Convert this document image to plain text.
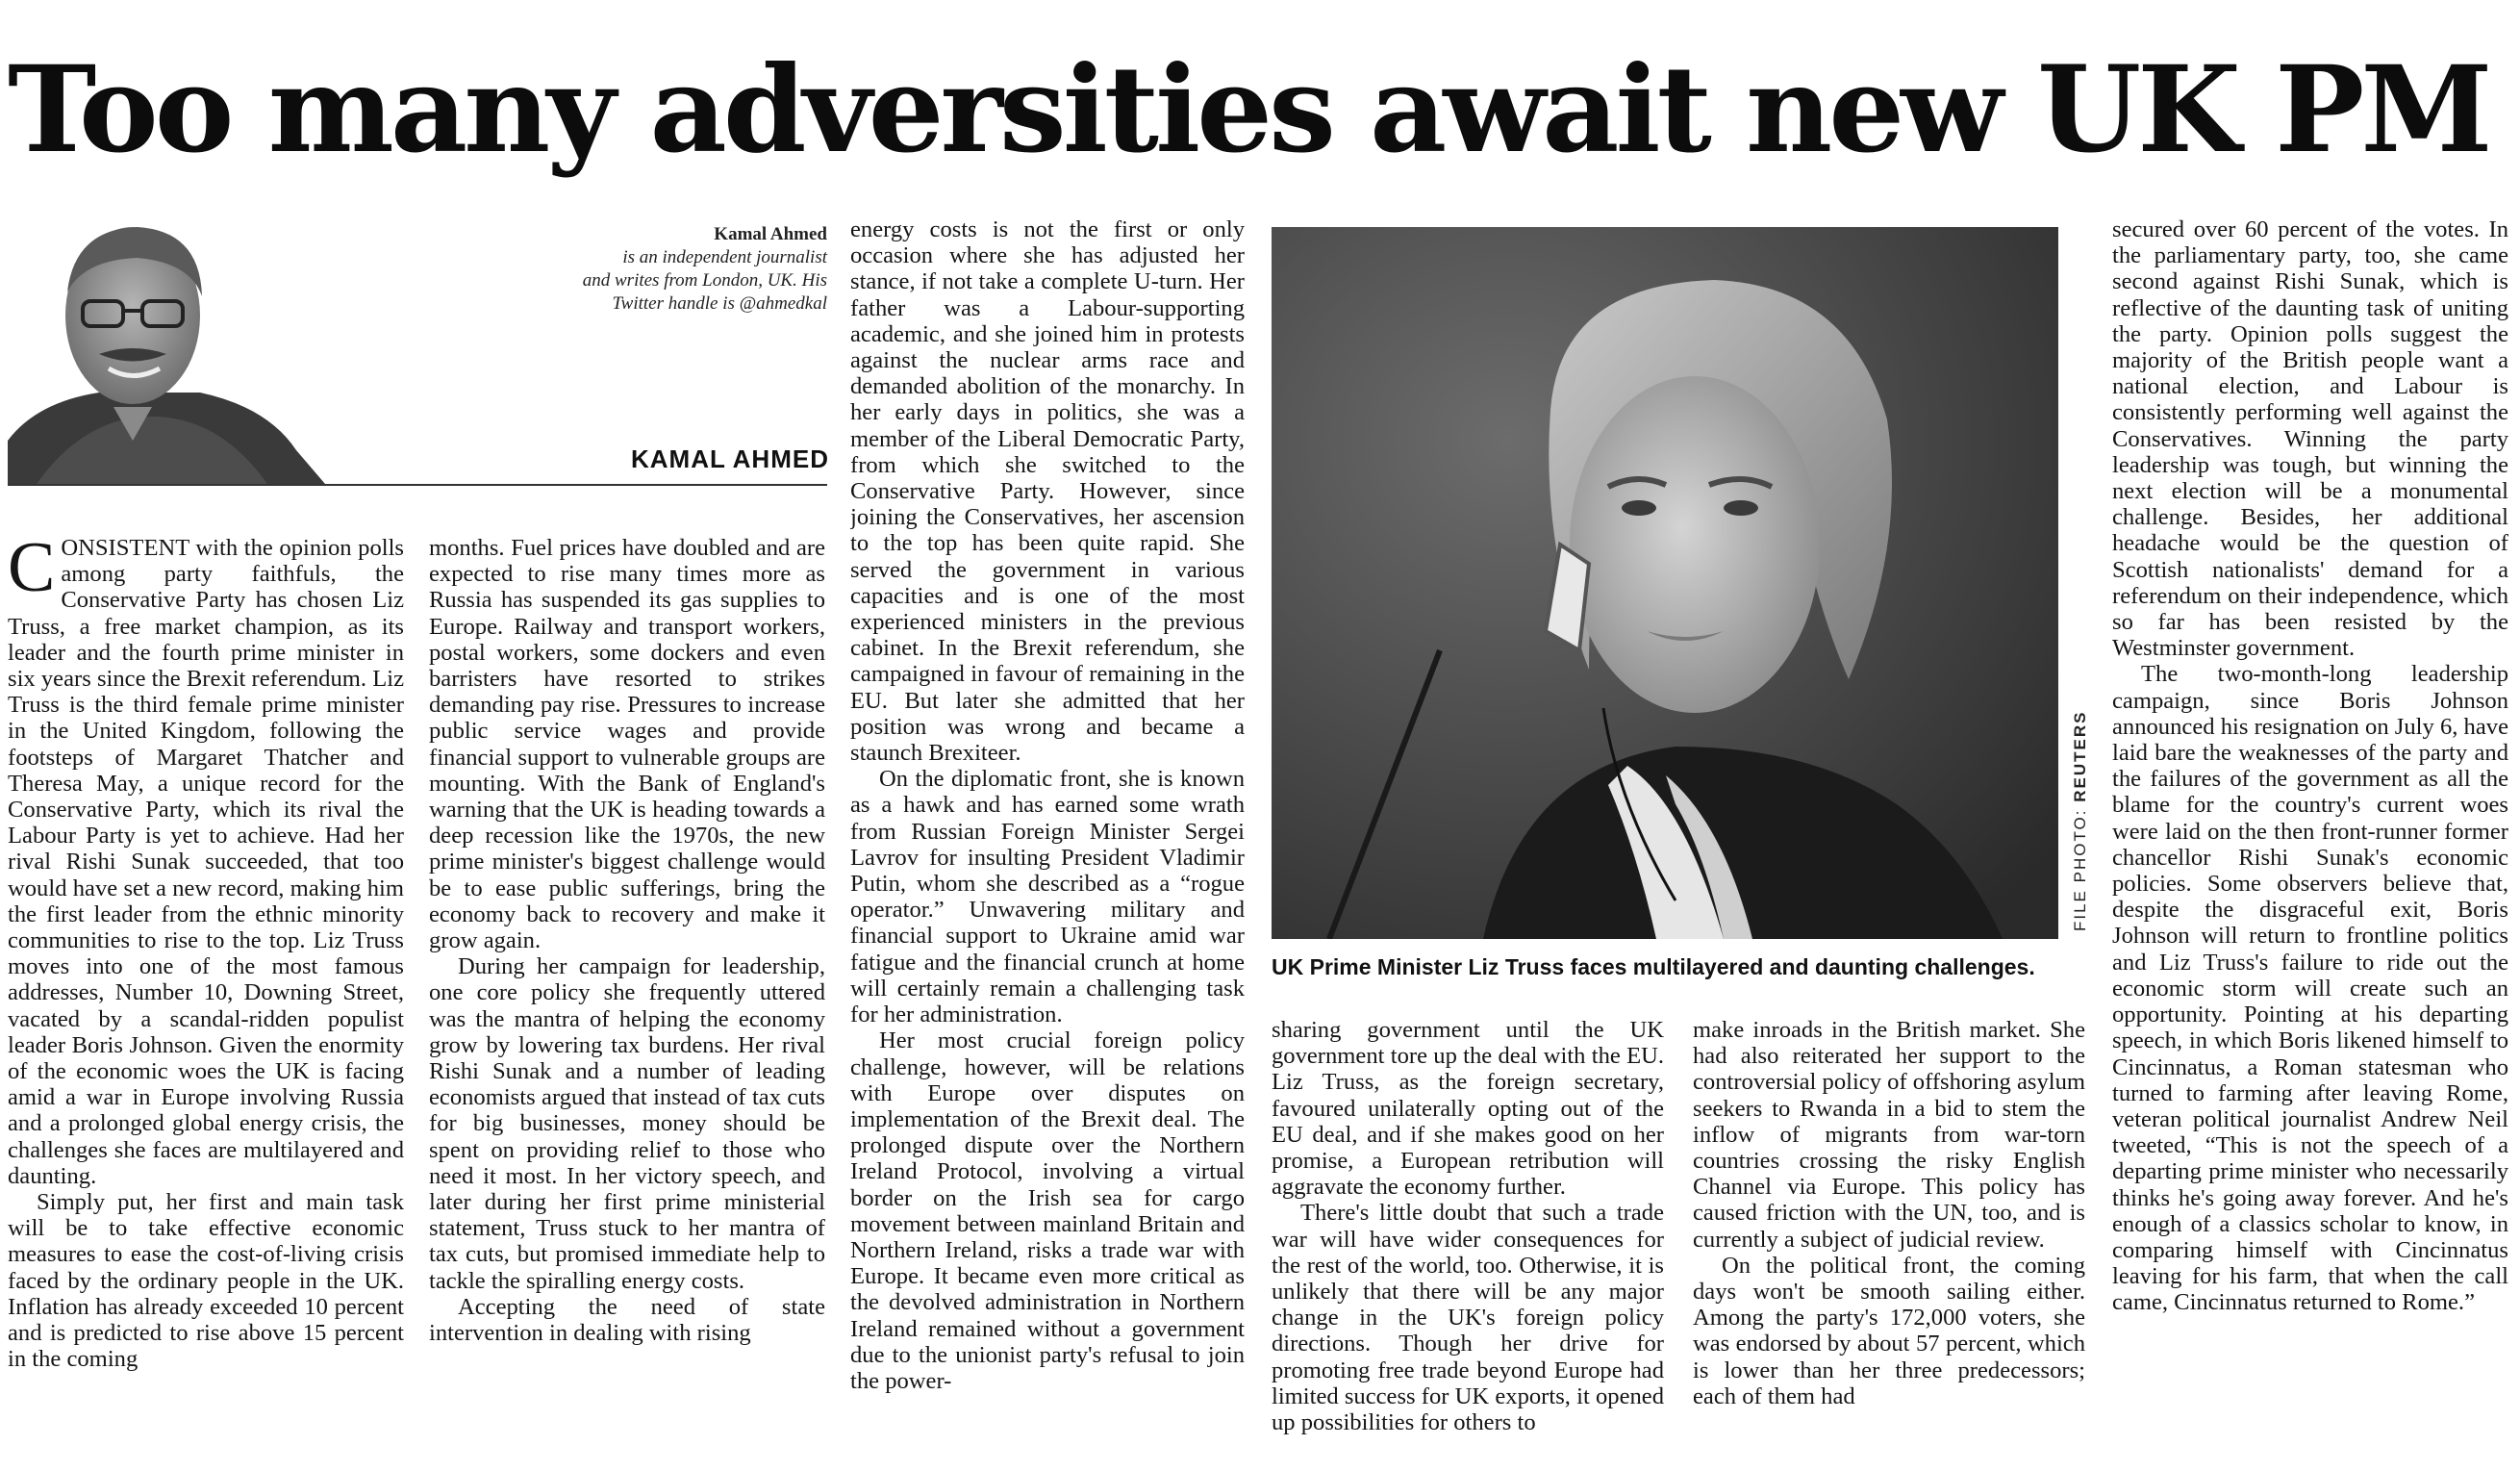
Too many adversities await new UK PM
Kamal Ahmed
is an independent journalist
and writes from London, UK. His
Twitter handle is @ahmedkal
KAMAL AHMED

CONSISTENT with the opinion polls among party faithfuls, the Conservative Party has chosen Liz Truss, a free market champion, as its leader and the fourth prime minister in six years since the Brexit referendum. Liz Truss is the third female prime minister in the United Kingdom, following the footsteps of Margaret Thatcher and Theresa May, a unique record for the Conservative Party, which its rival the Labour Party is yet to achieve. Had her rival Rishi Sunak succeeded, that too would have set a new record, making him the first leader from the ethnic minority communities to rise to the top. Liz Truss moves into one of the most famous addresses, Number 10, Downing Street, vacated by a scandal-ridden populist leader Boris Johnson. Given the enormity of the economic woes the UK is facing amid a war in Europe involving Russia and a prolonged global energy crisis, the challenges she faces are multilayered and daunting.

Simply put, her first and main task will be to take effective economic measures to ease the cost-of-living crisis faced by the ordinary people in the UK. Inflation has already exceeded 10 percent and is predicted to rise above 15 percent in the coming

months. Fuel prices have doubled and are expected to rise many times more as Russia has suspended its gas supplies to Europe. Railway and transport workers, postal workers, some dockers and even barristers have resorted to strikes demanding pay rise. Pressures to increase public service wages and provide financial support to vulnerable groups are mounting. With the Bank of England's warning that the UK is heading towards a deep recession like the 1970s, the new prime minister's biggest challenge would be to ease public sufferings, bring the economy back to recovery and make it grow again.

During her campaign for leadership, one core policy she frequently uttered was the mantra of helping the economy grow by lowering tax burdens. Her rival Rishi Sunak and a number of leading economists argued that instead of tax cuts for big businesses, money should be spent on providing relief to those who need it most. In her victory speech, and later during her first prime ministerial statement, Truss stuck to her mantra of tax cuts, but promised immediate help to tackle the spiralling energy costs.

Accepting the need of state intervention in dealing with rising

energy costs is not the first or only occasion where she has adjusted her stance, if not take a complete U-turn. Her father was a Labour-supporting academic, and she joined him in protests against the nuclear arms race and demanded abolition of the monarchy. In her early days in politics, she was a member of the Liberal Democratic Party, from which she switched to the Conservative Party. However, since joining the Conservatives, her ascension to the top has been quite rapid. She served the government in various capacities and is one of the most experienced ministers in the previous cabinet. In the Brexit referendum, she campaigned in favour of remaining in the EU. But later she admitted that her position was wrong and became a staunch Brexiteer.

On the diplomatic front, she is known as a hawk and has earned some wrath from Russian Foreign Minister Sergei Lavrov for insulting President Vladimir Putin, whom she described as a “rogue operator.” Unwavering military and financial support to Ukraine amid war fatigue and the financial crunch at home will certainly remain a challenging task for her administration.

Her most crucial foreign policy challenge, however, will be relations with Europe over disputes on implementation of the Brexit deal. The prolonged dispute over the Northern Ireland Protocol, involving a virtual border on the Irish sea for cargo movement between mainland Britain and Northern Ireland, risks a trade war with Europe. It became even more critical as the devolved administration in Northern Ireland remained without a government due to the unionist party's refusal to join the power-

FILE PHOTO: REUTERS
UK Prime Minister Liz Truss faces multilayered and daunting challenges.

sharing government until the UK government tore up the deal with the EU. Liz Truss, as the foreign secretary, favoured unilaterally opting out of the EU deal, and if she makes good on her promise, a European retribution will aggravate the economy further.

There's little doubt that such a trade war will have wider consequences for the rest of the world, too. Otherwise, it is unlikely that there will be any major change in the UK's foreign policy directions. Though her drive for promoting free trade beyond Europe had limited success for UK exports, it opened up possibilities for others to

make inroads in the British market. She had also reiterated her support to the controversial policy of offshoring asylum seekers to Rwanda in a bid to stem the inflow of migrants from war-torn countries crossing the risky English Channel via Europe. This policy has caused friction with the UN, too, and is currently a subject of judicial review.

On the political front, the coming days won't be smooth sailing either. Among the party's 172,000 voters, she was endorsed by about 57 percent, which is lower than her three predecessors; each of them had

secured over 60 percent of the votes. In the parliamentary party, too, she came second against Rishi Sunak, which is reflective of the daunting task of uniting the party. Opinion polls suggest the majority of the British people want a national election, and Labour is consistently performing well against the Conservatives. Winning the party leadership was tough, but winning the next election will be a monumental challenge. Besides, her additional headache would be the question of Scottish nationalists' demand for a referendum on their independence, which so far has been resisted by the Westminster government.

The two-month-long leadership campaign, since Boris Johnson announced his resignation on July 6, have laid bare the weaknesses of the party and the failures of the government as all the blame for the country's current woes were laid on the then front-runner former chancellor Rishi Sunak's economic policies. Some observers believe that, despite the disgraceful exit, Boris Johnson will return to frontline politics and Liz Truss's failure to ride out the economic storm will create such an opportunity. Pointing at his departing speech, in which Boris likened himself to Cincinnatus, a Roman statesman who turned to farming after leaving Rome, veteran political journalist Andrew Neil tweeted, “This is not the speech of a departing prime minister who necessarily thinks he's going away forever. And he's enough of a classics scholar to know, in comparing himself with Cincinnatus leaving for his farm, that when the call came, Cincinnatus returned to Rome.”
